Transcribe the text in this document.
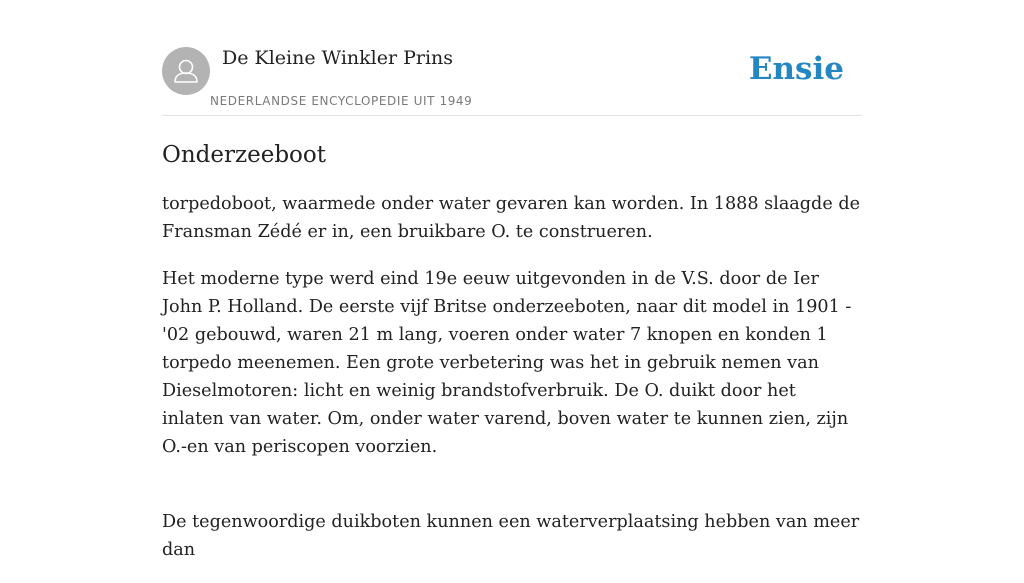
De Kleine Winkler Prins
NEDERLANDSE ENCYCLOPEDIE UIT 1949
Ensie
Onderzeeboot

torpedoboot, waarmede onder water gevaren kan worden. In 1888 slaagde de Fransman Zédé er in, een bruikbare O. te construeren.

Het moderne type werd eind 19e eeuw uitgevonden in de V.S. door de Ier John P. Holland. De eerste vijf Britse onderzeeboten, naar dit model in 1901 -'02 gebouwd, waren 21 m lang, voeren onder water 7 knopen en konden 1 torpedo meenemen. Een grote verbetering was het in gebruik nemen van Dieselmotoren: licht en weinig brandstofverbruik. De O. duikt door het inlaten van water. Om, onder water varend, boven water te kunnen zien, zijn O.-en van periscopen voorzien.

De tegenwoordige duikboten kunnen een waterverplaatsing hebben van meer dan
